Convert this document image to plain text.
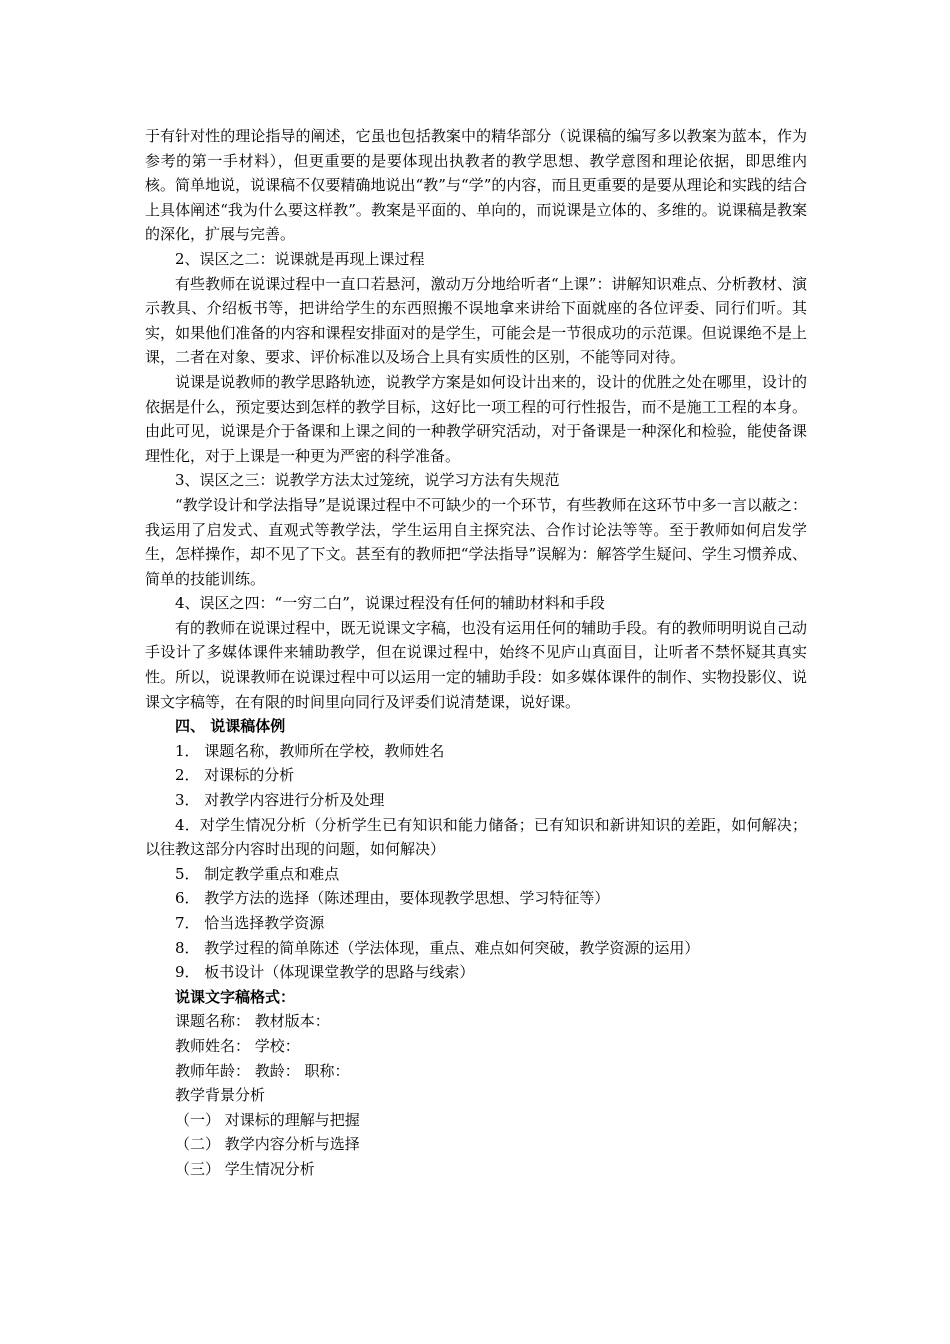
于有针对性的理论指导的阐述，它虽也包括教案中的精华部分（说课稿的编写多以教案为蓝本，作为参考的第一手材料），但更重要的是要体现出执教者的教学思想、教学意图和理论依据，即思维内核。简单地说，说课稿不仅要精确地说出“教”与“学”的内容，而且更重要的是要从理论和实践的结合上具体阐述“我为什么要这样教”。教案是平面的、单向的，而说课是立体的、多维的。说课稿是教案的深化，扩展与完善。

2、误区之二：说课就是再现上课过程

有些教师在说课过程中一直口若悬河，激动万分地给听者“上课”：讲解知识难点、分析教材、演示教具、介绍板书等，把讲给学生的东西照搬不误地拿来讲给下面就座的各位评委、同行们听。其实，如果他们准备的内容和课程安排面对的是学生，可能会是一节很成功的示范课。但说课绝不是上课，二者在对象、要求、评价标准以及场合上具有实质性的区别，不能等同对待。

说课是说教师的教学思路轨迹，说教学方案是如何设计出来的，设计的优胜之处在哪里，设计的依据是什么，预定要达到怎样的教学目标，这好比一项工程的可行性报告，而不是施工工程的本身。由此可见，说课是介于备课和上课之间的一种教学研究活动，对于备课是一种深化和检验，能使备课理性化，对于上课是一种更为严密的科学准备。

3、误区之三：说教学方法太过笼统，说学习方法有失规范

“教学设计和学法指导”是说课过程中不可缺少的一个环节，有些教师在这环节中多一言以蔽之：我运用了启发式、直观式等教学法，学生运用自主探究法、合作讨论法等等。至于教师如何启发学生，怎样操作，却不见了下文。甚至有的教师把“学法指导”误解为：解答学生疑问、学生习惯养成、简单的技能训练。

4、误区之四：“一穷二白”，说课过程没有任何的辅助材料和手段

有的教师在说课过程中，既无说课文字稿，也没有运用任何的辅助手段。有的教师明明说自己动手设计了多媒体课件来辅助教学，但在说课过程中，始终不见庐山真面目，让听者不禁怀疑其真实性。所以，说课教师在说课过程中可以运用一定的辅助手段：如多媒体课件的制作、实物投影仪、说课文字稿等，在有限的时间里向同行及评委们说清楚课，说好课。

四、 说课稿体例

1． 课题名称，教师所在学校，教师姓名

2． 对课标的分析

3． 对教学内容进行分析及处理

4．对学生情况分析（分析学生已有知识和能力储备；已有知识和新讲知识的差距，如何解决；以往教这部分内容时出现的问题，如何解决）

5． 制定教学重点和难点

6． 教学方法的选择（陈述理由，要体现教学思想、学习特征等）

7． 恰当选择教学资源

8． 教学过程的简单陈述（学法体现，重点、难点如何突破，教学资源的运用）

9． 板书设计（体现课堂教学的思路与线索）

说课文字稿格式：

课题名称： 教材版本：

教师姓名： 学校：

教师年龄： 教龄： 职称：

教学背景分析

（一） 对课标的理解与把握

（二） 教学内容分析与选择

（三） 学生情况分析
